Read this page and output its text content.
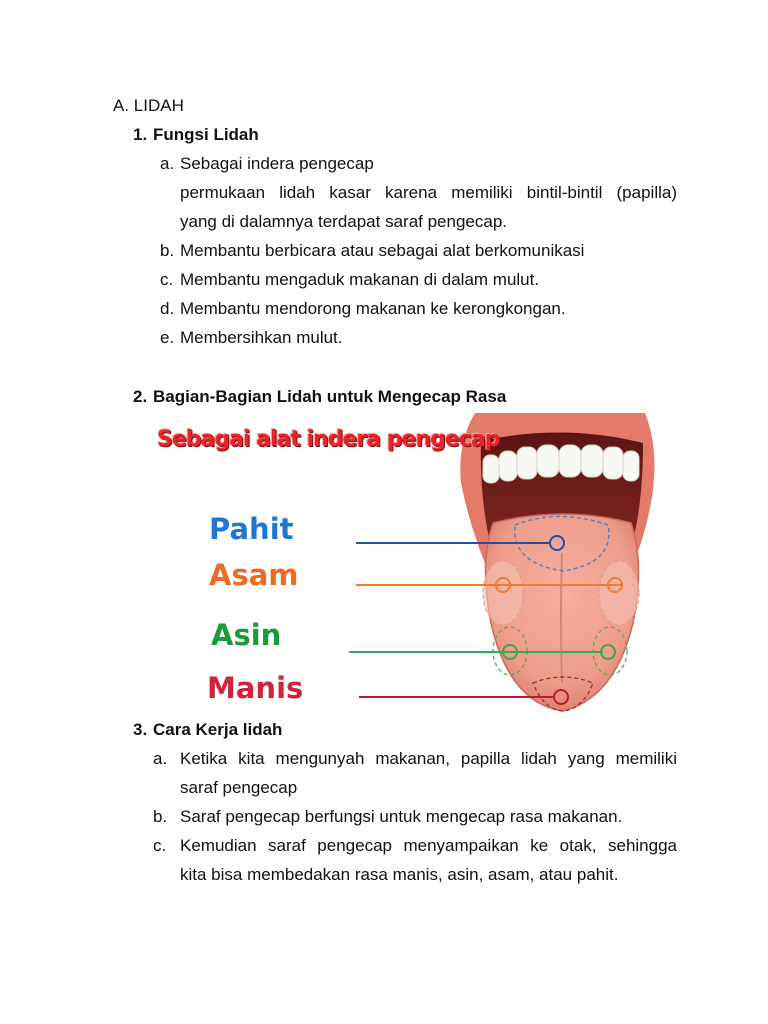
A. LIDAH
1. Fungsi Lidah
a. Sebagai indera pengecap
permukaan lidah kasar karena memiliki bintil-bintil (papilla)
yang di dalamnya terdapat saraf pengecap.
b. Membantu berbicara atau sebagai alat berkomunikasi
c. Membantu mengaduk makanan di dalam mulut.
d. Membantu mendorong makanan ke kerongkongan.
e. Membersihkan mulut.
2. Bagian-Bagian Lidah untuk Mengecap Rasa
Sebagai alat indera pengecap
Pahit
Asam
Asin
Manis
3. Cara Kerja lidah
a. Ketika kita mengunyah makanan, papilla lidah yang memiliki
saraf pengecap
b. Saraf pengecap berfungsi untuk mengecap rasa makanan.
c. Kemudian saraf pengecap menyampaikan ke otak, sehingga
kita bisa membedakan rasa manis, asin, asam, atau pahit.
